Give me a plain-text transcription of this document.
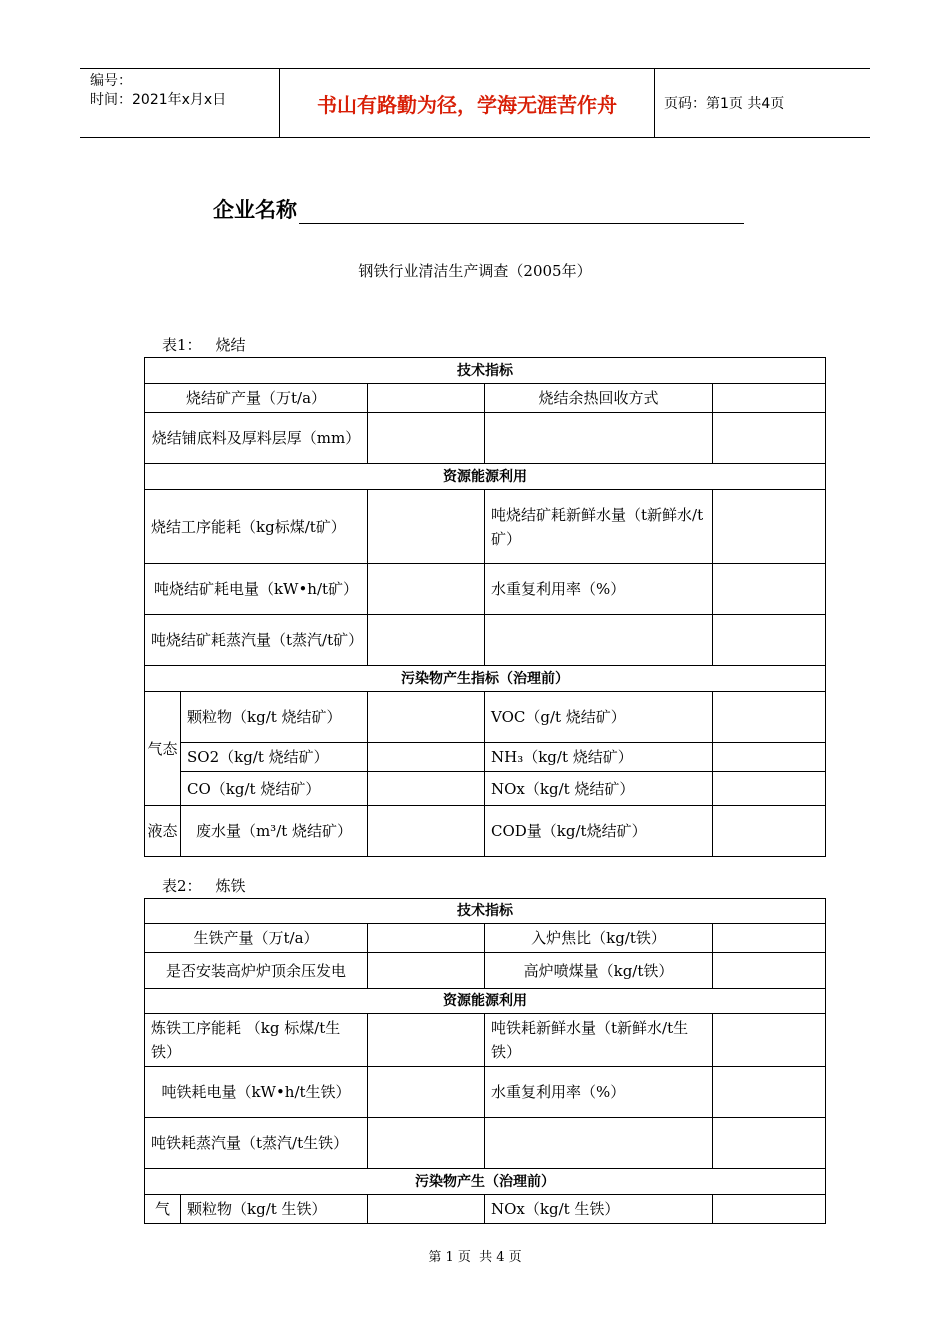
编号：
时间：2021年x月x日	书山有路勤为径，学海无涯苦作舟	页码：第1页 共4页
企业名称
钢铁行业清洁生产调查（2005年）
表1： 烧结
技术指标				
烧结矿产量（万t/a）			烧结余热回收方式	
烧结铺底料及厚料层厚（mm）				
资源能源利用				
烧结工序能耗（kg标煤/t矿）			吨烧结矿耗新鲜水量（t新鲜水/t矿）	
吨烧结矿耗电量（kW•h/t矿）			水重复利用率（%）	
吨烧结矿耗蒸汽量（t蒸汽/t矿）				
污染物产生指标（治理前）				
气态	颗粒物（kg/t 烧结矿）		VOC（g/t 烧结矿）	
	SO2（kg/t 烧结矿）		NH₃（kg/t 烧结矿）	
	CO（kg/t 烧结矿）		NOx（kg/t 烧结矿）	
液态	废水量（m³/t 烧结矿）		COD量（kg/t烧结矿）	
表2： 炼铁
技术指标				
生铁产量（万t/a）			入炉焦比（kg/t铁）	
是否安装高炉炉顶余压发电			高炉喷煤量（kg/t铁）	
资源能源利用				
炼铁工序能耗 （kg 标煤/t生铁）			吨铁耗新鲜水量（t新鲜水/t生铁）	
吨铁耗电量（kW•h/t生铁）			水重复利用率（%）	
吨铁耗蒸汽量（t蒸汽/t生铁）				
污染物产生（治理前）				
气	颗粒物（kg/t 生铁）		NOx（kg/t 生铁）	
第 1 页 共 4 页
